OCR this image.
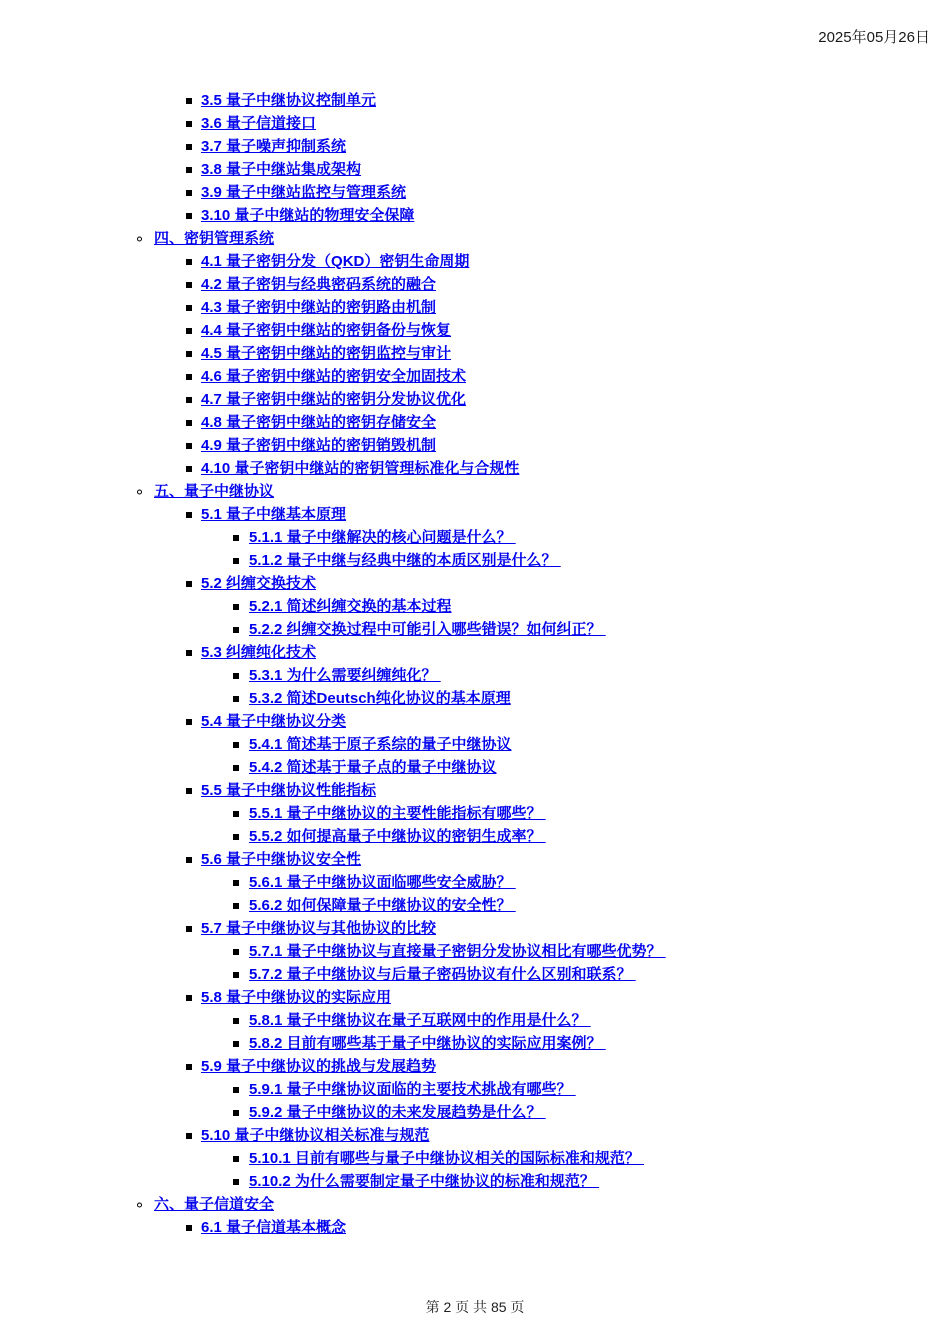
2025年05月26日
3.5 量子中继协议控制单元
3.6 量子信道接口
3.7 量子噪声抑制系统
3.8 量子中继站集成架构
3.9 量子中继站监控与管理系统
3.10 量子中继站的物理安全保障
四、密钥管理系统
4.1 量子密钥分发（QKD）密钥生命周期
4.2 量子密钥与经典密码系统的融合
4.3 量子密钥中继站的密钥路由机制
4.4 量子密钥中继站的密钥备份与恢复
4.5 量子密钥中继站的密钥监控与审计
4.6 量子密钥中继站的密钥安全加固技术
4.7 量子密钥中继站的密钥分发协议优化
4.8 量子密钥中继站的密钥存储安全
4.9 量子密钥中继站的密钥销毁机制
4.10 量子密钥中继站的密钥管理标准化与合规性
五、量子中继协议
5.1 量子中继基本原理
5.1.1 量子中继解决的核心问题是什么？
5.1.2 量子中继与经典中继的本质区别是什么？
5.2 纠缠交换技术
5.2.1 简述纠缠交换的基本过程
5.2.2 纠缠交换过程中可能引入哪些错误？如何纠正？
5.3 纠缠纯化技术
5.3.1 为什么需要纠缠纯化？
5.3.2 简述Deutsch纯化协议的基本原理
5.4 量子中继协议分类
5.4.1 简述基于原子系综的量子中继协议
5.4.2 简述基于量子点的量子中继协议
5.5 量子中继协议性能指标
5.5.1 量子中继协议的主要性能指标有哪些？
5.5.2 如何提高量子中继协议的密钥生成率？
5.6 量子中继协议安全性
5.6.1 量子中继协议面临哪些安全威胁？
5.6.2 如何保障量子中继协议的安全性？
5.7 量子中继协议与其他协议的比较
5.7.1 量子中继协议与直接量子密钥分发协议相比有哪些优势？
5.7.2 量子中继协议与后量子密码协议有什么区别和联系？
5.8 量子中继协议的实际应用
5.8.1 量子中继协议在量子互联网中的作用是什么？
5.8.2 目前有哪些基于量子中继协议的实际应用案例？
5.9 量子中继协议的挑战与发展趋势
5.9.1 量子中继协议面临的主要技术挑战有哪些？
5.9.2 量子中继协议的未来发展趋势是什么？
5.10 量子中继协议相关标准与规范
5.10.1 目前有哪些与量子中继协议相关的国际标准和规范？
5.10.2 为什么需要制定量子中继协议的标准和规范？
六、量子信道安全
6.1 量子信道基本概念
第 2 页 共 85 页
